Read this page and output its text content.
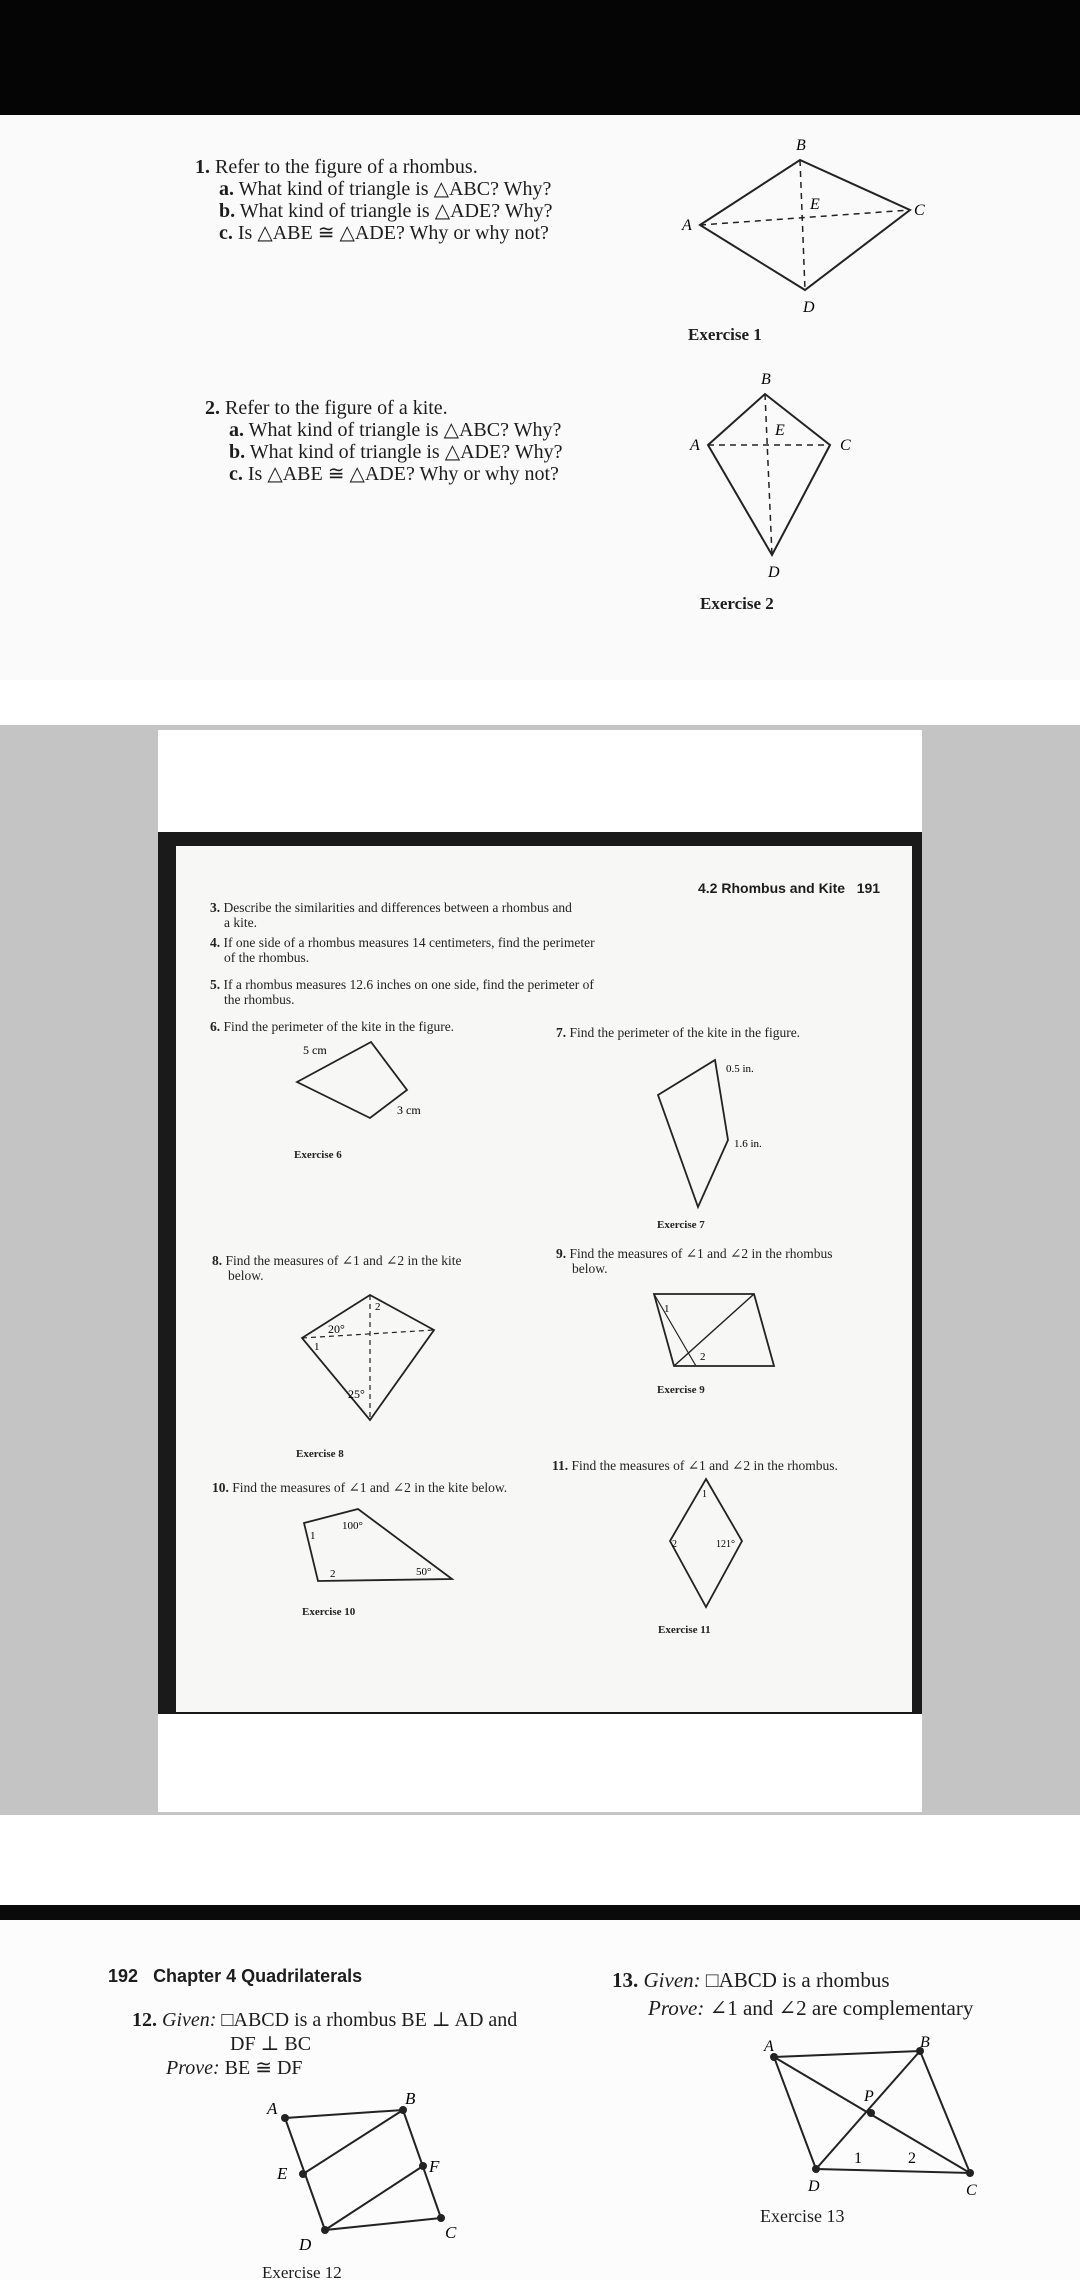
1. Refer to the figure of a rhombus.
a. What kind of triangle is △ABC? Why?
b. What kind of triangle is △ADE? Why?
c. Is △ABE ≅ △ADE? Why or why not?
B
A
C
D
E
Exercise 1
2. Refer to the figure of a kite.
a. What kind of triangle is △ABC? Why?
b. What kind of triangle is △ADE? Why?
c. Is △ABE ≅ △ADE? Why or why not?
B
A	C
D
E
Exercise 2
4.2 Rhombus and Kite 191
3. Describe the similarities and differences between a rhombus and
a kite.
4. If one side of a rhombus measures 14 centimeters, find the perimeter
of the rhombus.
5. If a rhombus measures 12.6 inches on one side, find the perimeter of
the rhombus.
6. Find the perimeter of the kite in the figure.	7. Find the perimeter of the kite in the figure.
5 cm
3 cm
Exercise 6
0.5 in.
1.6 in.
Exercise 7
8. Find the measures of ∠1 and ∠2 in the kite
below.
9. Find the measures of ∠1 and ∠2 in the rhombus
below.
20°
25°
1
2
Exercise 8
1
2
Exercise 9
10. Find the measures of ∠1 and ∠2 in the kite below.
11. Find the measures of ∠1 and ∠2 in the rhombus.
100°
50°
1
2
Exercise 10
1
121°
2
Exercise 11
192 Chapter 4 Quadrilaterals
12. Given: □ABCD is a rhombus BE ⊥ AD and
DF ⊥ BC
Prove: BE ≅ DF
A
B
C
D
E	F
Exercise 12
13. Given: □ABCD is a rhombus
Prove: ∠1 and ∠2 are complementary
A	B
C
D
P
1	2
Exercise 13
